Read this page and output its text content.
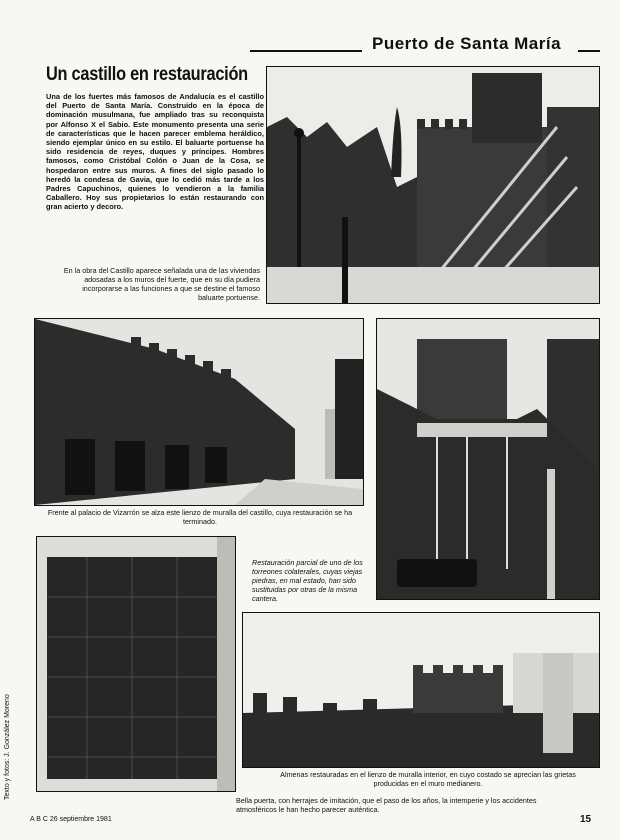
Puerto de Santa María
Un castillo en restauración
Una de los fuertes más famosos de Andalucía es el castillo del Puerto de Santa María. Construido en la época de dominación musulmana, fue ampliado tras su reconquista por Alfonso X el Sabio. Este monumento presenta una serie de características que le hacen parecer emblema heráldico, siendo ejemplar único en su estilo. El baluarte portuense ha sido residencia de reyes, duques y príncipes. Hombres famosos, como Cristóbal Colón o Juan de la Cosa, se hospedaron entre sus muros. A fines del siglo pasado lo heredó la condesa de Gavia, que lo cedió más tarde a los Padres Capuchinos, quienes lo vendieron a la familia Caballero. Hoy sus propietarios lo están restaurando con gran acierto y decoro.
En la obra del Castillo aparece señalada una de las viviendas adosadas a los muros del fuerte, que en su día pudiera incorporarse a las funciones a que se destine el famoso baluarte portuense.
Frente al palacio de Vizarrón se alza este lienzo de muralla del castillo, cuya restauración se ha terminado.
Restauración parcial de uno de los torreones colaterales, cuyas viejas piedras, en mal estado, han sido sustituidas por otras de la misma cantera.
Almenas restauradas en el lienzo de muralla interior, en cuyo costado se aprecian las grietas producidas en el muro medianero.
Bella puerta, con herrajes de imitación, que el paso de los años, la intemperie y los accidentes atmosféricos le han hecho parecer auténtica.
Texto y fotos: J. González Moreno
A B C 26 septiembre 1981	15
